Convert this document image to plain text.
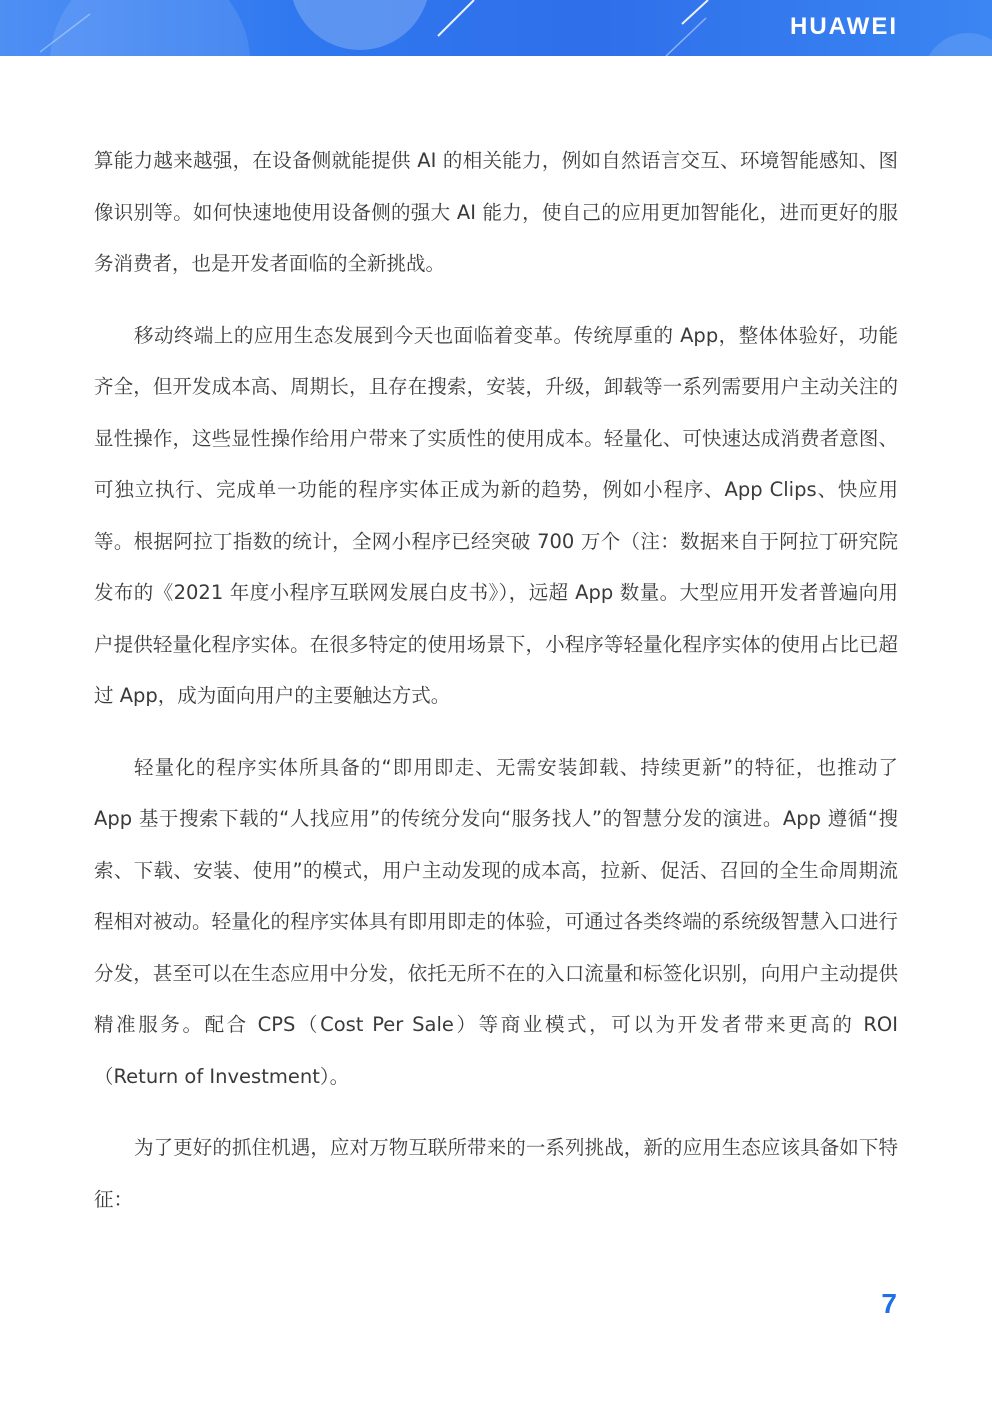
HUAWEI

算能力越来越强，在设备侧就能提供 AI 的相关能力，例如自然语言交互、环境智能感知、图像识别等。如何快速地使用设备侧的强大 AI 能力，使自己的应用更加智能化，进而更好的服务消费者，也是开发者面临的全新挑战。

移动终端上的应用生态发展到今天也面临着变革。传统厚重的 App，整体体验好，功能齐全，但开发成本高、周期长，且存在搜索，安装，升级，卸载等一系列需要用户主动关注的显性操作，这些显性操作给用户带来了实质性的使用成本。轻量化、可快速达成消费者意图、可独立执行、完成单一功能的程序实体正成为新的趋势，例如小程序、App Clips、快应用等。根据阿拉丁指数的统计，全网小程序已经突破 700 万个（注：数据来自于阿拉丁研究院发布的《2021 年度小程序互联网发展白皮书》），远超 App 数量。大型应用开发者普遍向用户提供轻量化程序实体。在很多特定的使用场景下，小程序等轻量化程序实体的使用占比已超过 App，成为面向用户的主要触达方式。

轻量化的程序实体所具备的“即用即走、无需安装卸载、持续更新”的特征，也推动了 App 基于搜索下载的“人找应用”的传统分发向“服务找人”的智慧分发的演进。App 遵循“搜索、下载、安装、使用”的模式，用户主动发现的成本高，拉新、促活、召回的全生命周期流程相对被动。轻量化的程序实体具有即用即走的体验，可通过各类终端的系统级智慧入口进行分发，甚至可以在生态应用中分发，依托无所不在的入口流量和标签化识别，向用户主动提供精准服务。配合 CPS（Cost Per Sale）等商业模式，可以为开发者带来更高的 ROI（Return of Investment）。

为了更好的抓住机遇，应对万物互联所带来的一系列挑战，新的应用生态应该具备如下特征：

7
